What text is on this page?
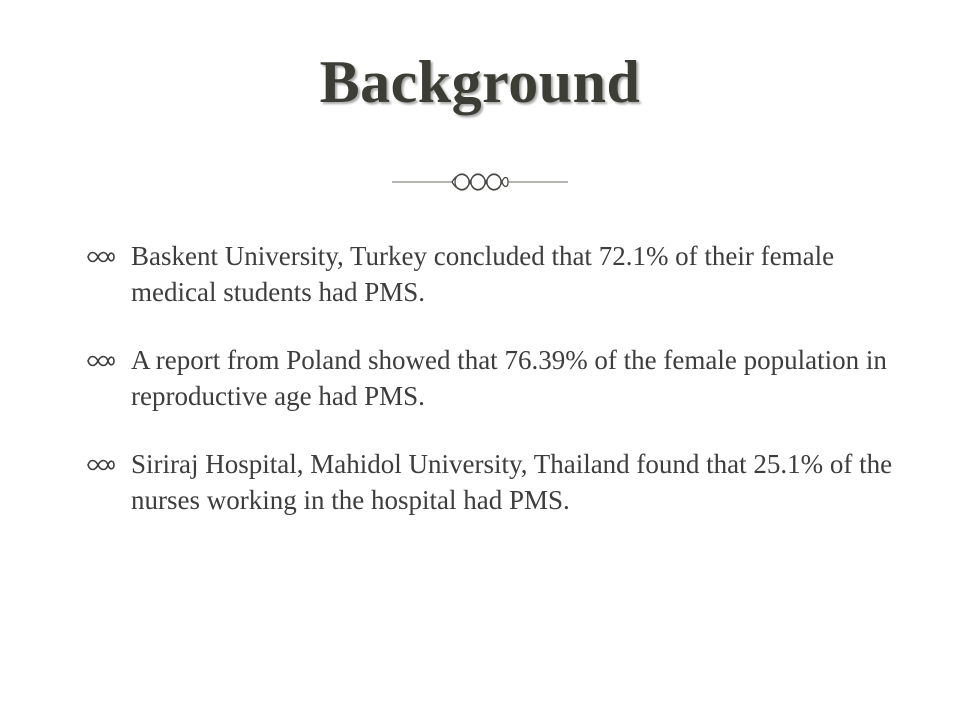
Background
Baskent University, Turkey concluded that 72.1% of their female medical students had PMS.
A report from Poland showed that 76.39% of the female population in reproductive age had PMS.
Siriraj Hospital, Mahidol University, Thailand found that 25.1% of the nurses working in the hospital had PMS.
